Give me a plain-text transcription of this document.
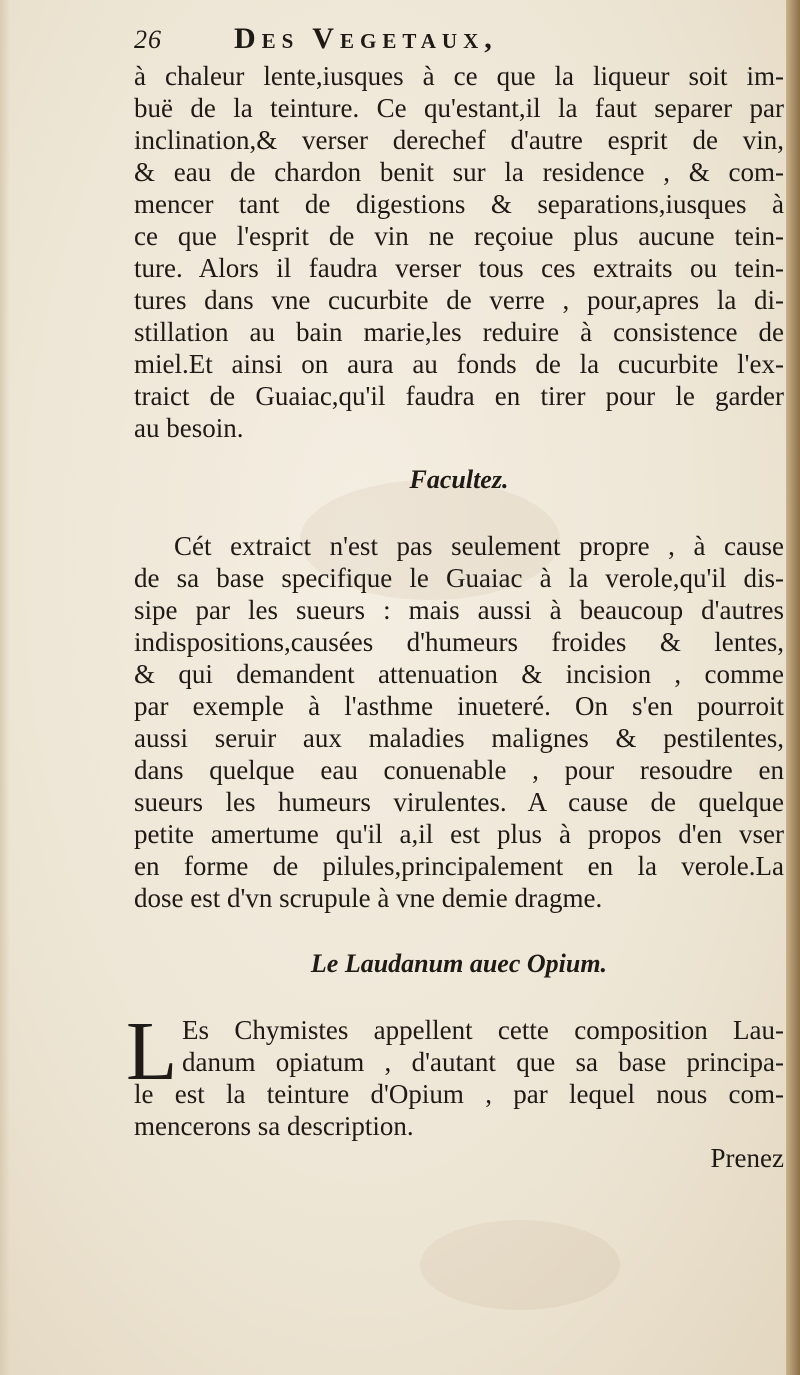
26	Des Vegetaux,
à chaleur lente,iusques à ce que la liqueur soit im-
buë de la teinture. Ce qu'estant,il la faut separer par
inclination,& verser derechef d'autre esprit de vin,
& eau de chardon benit sur la residence , & com-
mencer tant de digestions & separations,iusques à
ce que l'esprit de vin ne reçoiue plus aucune tein-
ture. Alors il faudra verser tous ces extraits ou tein-
tures dans vne cucurbite de verre , pour,apres la di-
stillation au bain marie,les reduire à consistence de
miel.Et ainsi on aura au fonds de la cucurbite l'ex-
traict de Guaiac,qu'il faudra en tirer pour le garder
au besoin.
Facultez.
Cét extraict n'est pas seulement propre , à cause
de sa base specifique le Guaiac à la verole,qu'il dis-
sipe par les sueurs : mais aussi à beaucoup d'autres
indispositions,causées d'humeurs froides & lentes,
& qui demandent attenuation & incision , comme
par exemple à l'asthme inueteré. On s'en pourroit
aussi seruir aux maladies malignes & pestilentes,
dans quelque eau conuenable , pour resoudre en
sueurs les humeurs virulentes. A cause de quelque
petite amertume qu'il a,il est plus à propos d'en vser
en forme de pilules,principalement en la verole.La
dose est d'vn scrupule à vne demie dragme.
Le Laudanum auec Opium.
L Es Chymistes appellent cette composition Lau-
danum opiatum , d'autant que sa base principa-
le est la teinture d'Opium , par lequel nous com-
mencerons sa description.
Prenez
